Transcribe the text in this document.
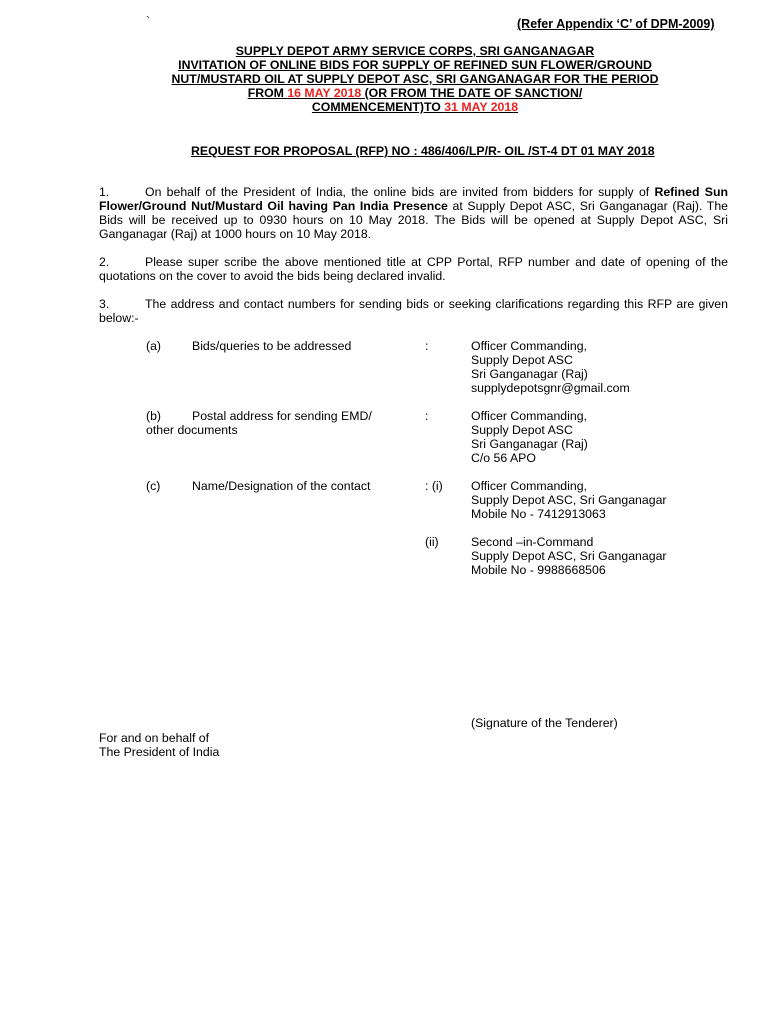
`	(Refer Appendix ‘C’ of DPM-2009)
SUPPLY DEPOT ARMY SERVICE CORPS, SRI GANGANAGAR
INVITATION OF ONLINE BIDS FOR SUPPLY OF REFINED SUN FLOWER/GROUND
NUT/MUSTARD OIL AT SUPPLY DEPOT ASC, SRI GANGANAGAR FOR THE PERIOD
FROM 16 MAY 2018 (OR FROM THE DATE OF SANCTION/
COMMENCEMENT)TO 31 MAY 2018
REQUEST FOR PROPOSAL (RFP) NO : 486/406/LP/R- OIL /ST-4 DT 01 MAY 2018
1.	On behalf of the President of India, the online bids are invited from bidders for supply of Refined Sun Flower/Ground Nut/Mustard Oil having Pan India Presence at Supply Depot ASC, Sri Ganganagar (Raj). The Bids will be received up to 0930 hours on 10 May 2018. The Bids will be opened at Supply Depot ASC, Sri Ganganagar (Raj) at 1000 hours on 10 May 2018.
2.	Please super scribe the above mentioned title at CPP Portal, RFP number and date of opening of the quotations on the cover to avoid the bids being declared invalid.
3.	The address and contact numbers for sending bids or seeking clarifications regarding this RFP are given below:-
(a)	Bids/queries to be addressed	:	Officer Commanding,
Supply Depot ASC
Sri Ganganagar (Raj)
supplydepotsgnr@gmail.com
(b)	Postal address for sending EMD/
other documents
:	Officer Commanding,
Supply Depot ASC
Sri Ganganagar (Raj)
C/o 56 APO
(c)	Name/Designation of the contact	: (i) Officer Commanding,
Supply Depot ASC, Sri Ganganagar
Mobile No - 7412913063
(ii)	Second –in-Command
Supply Depot ASC, Sri Ganganagar
Mobile No - 9988668506
(Signature of the Tenderer)
For and on behalf of
The President of India
